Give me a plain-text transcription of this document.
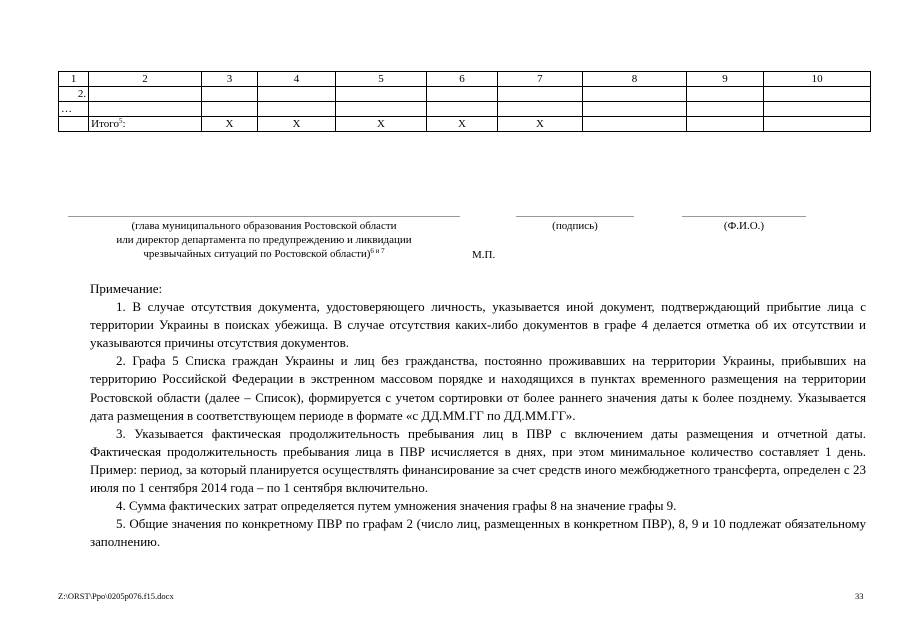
1	2	3	4	5	6	7	8	9	10
2.									
…									
	Итого$^5$:	Х	Х	Х	Х	Х			
(глава муниципального образования Ростовской области
или директор департамента по предупреждению и ликвидации
чрезвычайных ситуаций по Ростовской области)$^{6 и 7}$
(подпись)	(Ф.И.О.)
М.П.
Примечание:

1. В случае отсутствия документа, удостоверяющего личность, указывается иной документ, подтверждающий прибытие лица с территории Украины в поисках убежища. В случае отсутствия каких-либо документов в графе 4 делается отметка об их отсутствии и указываются причины отсутствия документов.

2. Графа 5 Списка граждан Украины и лиц без гражданства, постоянно проживавших на территории Украины, прибывших на территорию Российской Федерации в экстренном массовом порядке и находящихся в пунктах временного размещения на территории Ростовской области (далее – Список), формируется с учетом сортировки от более раннего значения даты к более позднему. Указывается дата размещения в соответствующем периоде в формате «с ДД.ММ.ГГ по ДД.ММ.ГГ».

3. Указывается фактическая продолжительность пребывания лиц в ПВР с включением даты размещения и отчетной даты. Фактическая продолжительность пребывания лица в ПВР исчисляется в днях, при этом минимальное количество составляет 1 день. Пример: период, за который планируется осуществлять финансирование за счет средств иного межбюджетного трансферта, определен с 23 июля по 1 сентября 2014 года – по 1 сентября включительно.

4. Сумма фактических затрат определяется путем умножения значения графы 8 на значение графы 9.

5. Общие значения по конкретному ПВР по графам 2 (число лиц, размещенных в конкретном ПВР), 8, 9 и 10 подлежат обязательному заполнению.

Z:\ORST\Ppo\0205p076.f15.docx	33
